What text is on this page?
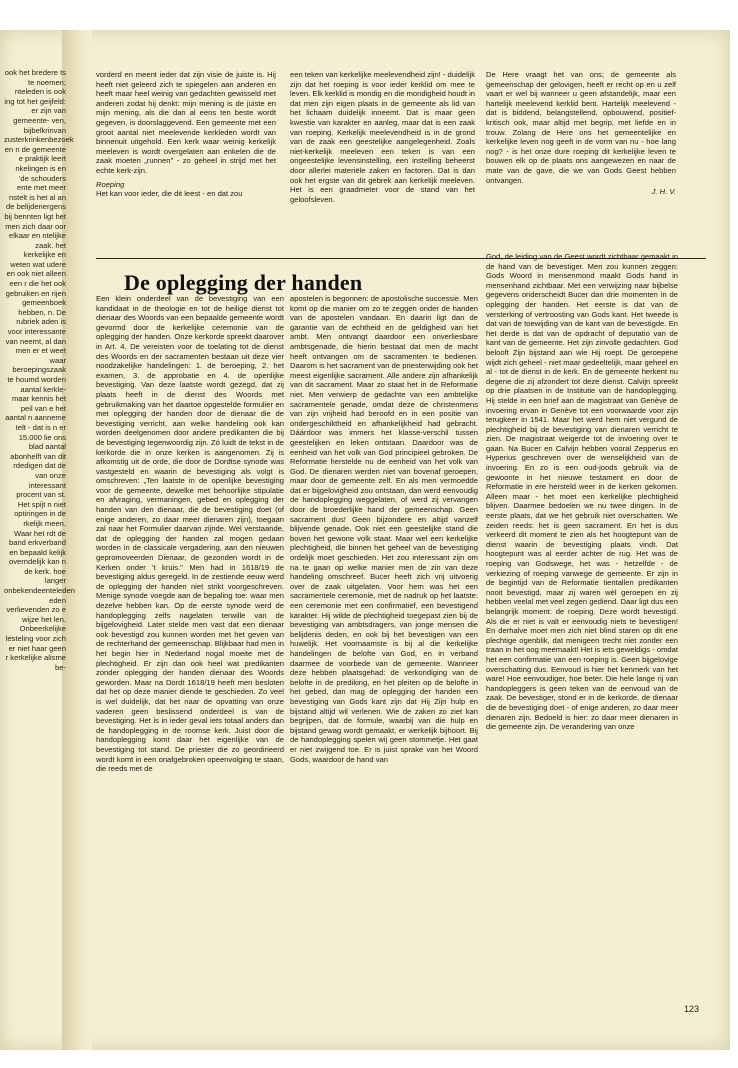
ook het bredere ts te noemen; nteleden is ook ing tot het geijfeld: er zijn van gemeente- ven, bijbelkrinvan zusterkrinkenbezoek en n de gemeente e praktijk leert nkelingen is en 'de schouders ente met meer nstelt is het al an de belijdenergens bij bennten ligt het men zich daar oor elkaar en ntelijke zaak. het kerkelijke en weten wat udere en ook niet alleen een r die het ook gebruiken en rijen gemeenboek hebben, n. De rubriek aden is voor interessante van neemt, al dan men er et weet waar beroepingszaak te houmd worden aantal kerkle- maar kennis het peil van e het aantal n aanneme telt - dat is n er 15.000 lie ons blad aantal abonhelft van dit rdedigen dat de van onze interessant procent van st. Het spijt n niet optiringen in de rkelijk meen. Waar het rdt de band erkverband en bepaald kelijk overndelijk kan n de kerk. hoe langer onbekendeenteleden eden verlievenden zo e wijze het len. Onbeerkelijke lesteling voor zich er niet haar geen r kerkelijke alisme be-

vorderd en meent ieder dat zijn visie de juiste is. Hij heeft niet geleerd zich te spiegelen aan anderen en heeft maar heel weinig van gedachten gewisseld met anderen zodat hij denkt: mijn mening is de juiste en mijn mening, als die dan al eens ten beste wordt gegeven, is doorslaggevend. Een gemeente met een groot aantal niet meelevende kerkleden wordt van binnenuit uitgehold. Een kerk waar weinig kerkelijk meeleven is wordt overgelaten aan enkelen die de zaak moeten „runnen'' - zo geheel in strijd met het echte kerk-zijn.

Roeping

Het kan voor ieder, die dit leest - en dat zou

een teken van kerkelijke meelevendheid zijn! - duidelijk zijn dat het roeping is voor ieder kerklid om mee te leven. Elk kerklid is mondig en die mondigheid houdt in dat men zijn eigen plaats in de gemeente als lid van het lichaam duidelijk inneemt. Dat is maar geen kwestie van karakter en aanleg, maar dat is een zaak van roeping. Kerkelijk meelevendheid is in de grond van de zaak een geestelijke aangelegenheid. Zoals niet-kerkelijk meeleven een teken is van een ongeestelijke levensinstelling, een instelling beheerst door allerlei materiële zaken en factoren. Dat is dan ook het ergste van dit gebrek aan kerkelijk meeleven. Het is een graadmeter voor de stand van het geloofsleven.

De Here vraagt het van ons; de gemeente als gemeenschap der gelovigen, heeft er recht op en u zelf vaart er wel bij wanneer u geen afstandelijk, maar een hartelijk meelevend kerklid bent. Hartelijk meelevend - dat is biddend, belangstellend, opbouwend, positief-kritisch ook, maar altijd met begrip, met liefde en in trouw. Zolang de Here ons het gemeentelijke en kerkelijke leven nog geeft in de vorm van nu - hoe lang nog? - is het onze dure roeping dit kerkelijke leven te bouwen elk op de plaats ons aangewezen en naar de mate van de gave, die we van Gods Geest hebben ontvangen.

J. H. V.

De oplegging der handen

Een klein onderdeel van de bevestiging van een kandidaat in de theologie en tot de heilige dienst tot dienaar des Woords van een bepaalde gemeente wordt gevormd door de kerkelijke ceremonie van de oplegging der handen. Onze kerkorde spreekt daarover in Art. 4. De vereisten voor de toelating tot de dienst des Woords en der sacramenten bestaan uit deze vier noodzakelijke handelingen: 1. de beroeping, 2. het examen, 3. de approbatie en 4. de openlijke bevestiging. Van deze laatste wordt gezegd, dat zij plaats heeft in de dienst des Woords met gebruikmaking van het daartoe opgestelde formulier en met oplegging der handen door de dienaar die de bevestiging verricht, aan welke handeling ook kan worden deelgenomen door andere predikanten die bij de bevestiging tegenwoordig zijn. Zó luidt de tekst in de kerkorde die in onze kerken is aangenomen. Zij is afkomstig uit de orde, die door de Dordtse synode was vastgesteld en waarin de bevestiging als volgt is omschreven: „Ten laatste in de openlijke bevestiging voor de gemeente, dewelke met behoorlijke stipulatie en afvraging, vermaningen, gebed en oplegging der handen van den dienaar, die de bevestiging doet (of enige anderen, zo daar meer dienaren zijn), toegaan zal naar het Formulier daarvan zijnde. Wel verstaande, dat de oplegging der handen zal mogen gedaan worden in de classicale vergadering, aan den nieuwen gepromoveerden Dienaar, de gezonden wordt in de Kerken onder 't kruis.'' Men had in 1618/19 de bevestiging aldus geregeld. In de zestiende eeuw werd de oplegging der handen niet strikt voorgeschreven. Menige synode voegde aan de bepaling toe: waar men dezelve hebben kan. Op de eerste synode werd de handoplegging zelfs nagelaten terwille van de bijgelovigheid. Later stelde men vast dat een dienaar ook bevestigd zou kunnen worden met het geven van de rechterhand der gemeenschap. Blijkbaar had men in het begin hier in Nederland nogal moeite met de plechtigheid. Er zijn dan ook heel wat predikanten zonder oplegging der handen dienaar des Woords geworden. Maar na Dordt 1618/19 heeft men besloten dat het op deze manier diende te geschieden. Zo veel is wel duidelijk, dat het naar de opvatting van onze vaderen geen beslissend onderdeel is van de bevestiging. Het is in ieder geval iets totaal anders dan de handoplegging in de roomse kerk. Juist door die handoplegging komt daar het eigenlijke van de bevestiging tot stand. De priester die zo geordineerd wordt komt in een onafgebroken opeenvolging te staan, die reeds met de

apostelen is begonnen: de apostolische successie. Men komt op die manier om zo te zeggen onder de handen van de apostelen vandaan. En daarin ligt dan de garantie van de echtheid en de geldigheid van het ambt. Men ontvangt daardoor een onverliesbare ambtsgenade, die hierin bestaat dat men de macht heeft ontvangen om de sacramenten te bedienen. Daarom is het sacrament van de priesterwijding ook het meest eigenlijke sacrament. Alle andere zijn afhankelijk van dit sacrament. Maar zo staat het in de Reformatie niet. Men verwierp de gedachte van een ambtelijke sacramentele genade, omdat deze de christenmens van zijn vrijheid had beroofd en in een positie van ondergeschiktheid en afhankelijkheid had gebracht. Dáárdoor was immers het klasse-verschil tussen geestelijken en leken ontstaan. Daardoor was de eenheid van het volk van God principieel gebroken. De Reformatie herstelde nu de eenheid van het volk van God. De dienaren werden niet van bovenaf geroepen, maar door de gemeente zelf. En als men vermoedde dat er bijgelovigheid zou ontstaan, dan werd eenvoudig de handoplegging weggelaten, of werd zij vervangen door de broederlijke hand der gemeenschap. Geen sacrament dus! Geen bijzondere en altijd vanzelf blijvende genade. Ook niet een geestelijke stand die boven het gewone volk staat. Maar wel een kerkelijke plechtigheid, die binnen het geheel van de bevestiging ordelijk moet geschieden. Het zou interessant zijn om na te gaan op welke manier men de zin van deze handeling omschreef. Bucer heeft zich vrij uitvoerig over de zaak uitgelaten. Voor hem was het een sacramentele ceremonie, met de nadruk op het laatste: een ceremonie met een confirmatief, een bevestigend karakter. Hij wilde de plechtigheid toegepast zien bij de bevestiging van ambtsdragers, van jonge mensen die belijdenis deden, en ook bij het bevestigen van een huwelijk. Het voornaamste is bij al die kerkelijke handelingen de belofte van God, en in verband daarmee de voorbede van de gemeente. Wanneer deze hebben plaatsgehad: de verkondiging van de belofte in de prediking, en het pleiten op de belofte in het gebed, dan mag de oplegging der handen een bevestiging van Gods kant zijn dat Hij Zijn hulp en bijstand altijd wil verlenen. Wie de zaken zo ziet kan begrijpen, dat de formule, waarbij van die hulp en bijstand gewag wordt gemaakt, er werkelijk bijhoort. Bij de handoplegging spelen wij geen stommetje. Het gaat er niet zwijgend toe. Er is juist sprake van het Woord Gods, waardoor de hand van

God, de leiding van de Geest wordt zichtbaar gemaakt in de hand van de bevestiger. Men zou kunnen zeggen: Gods Woord in mensenmond maakt Gods hand in mensenhand zichtbaar. Met een verwijzing naar bijbelse gegevens onderscheidt Bucer dan drie momenten in de oplegging der handen. Het eerste is dat van de versterking of vertroosting van Gods kant. Het tweede is dat van de toewijding van de kant van de bevestigde. En het derde is dat van de opdracht of deputatio van de kant van de gemeente. Het zijn zinvolle gedachten. God belooft Zijn bijstand aan wie Hij roept. De geroepene wijdt zich geheel - niet maar gedeeltelijk, maar geheel en al - tot de dienst in de kerk. En de gemeente herkent nu degene die zij afzondert tot deze dienst. Calvijn spreekt op drie plaatsen in de Institutie van de handoplegging. Hij stelde in een brief aan de magistraat van Genève de invoering ervan in Genève tot een voorwaarde voor zijn terugkeer in 1541. Maar het werd hem niet vergund de plechtigheid bij de bevestiging van dienaren verricht te zien. De magistraat weigerde tot de invoering over te gaan. Na Bucer en Calvijn hebben vooral Zepperus en Hyperius geschreven over de wenselijkheid van de invoering. En zo is een oud-joods gebruik via de gewoonte in het nieuwe testament en door de Reformatie in ere hersteld weer in de kerken gekomen. Alleen maar - het moet een kerkelijke plechtigheid blijven. Daarmee bedoelen we nu twee dingen. In de eerste plaats, dat we het gebruik niet overschatten. We zeiden reeds: het is geen sacrament. En het is dus verkeerd dit moment te zien als het hoogtepunt van de dienst waarin de bevestiging plaats vindt. Dat hoogtepunt was al eerder achter de rug. Het was de roeping van Godswege, het was - hetzelfde - de verkiezing of roeping vanwege de gemeente. Er zijn in de begintijd van de Reformatie tientallen predikanten nooit bevestigd, maar zij waren wèl geroepen en zij hebben veelal met veel zegen gediend. Daar ligt dus een belangrijk moment: de roeping. Deze wordt bevestigd. Als die er niet is valt er eenvoudig niets te bevestigen! En derhalve moet men zich niet blind staren op dit ene plechtige ogenblik, dat menigeen trecht niet zonder een traan in het oog meemaakt! Het is iets geweldigs - omdat het een confirmatie van een roeping is. Geen bijgelovige overschatting dus. Eenvoud is hier het kenmerk van het ware! Hoe eenvoudiger, hoe beter. Die hele lange rij van handopleggers is geen teken van de eenvoud van de zaak. De bevestiger, stond er in de kerkorde, de dienaar die de bevestiging doet - of enige anderen, zo daar meer dienaren zijn. Bedoeld is hier: zo daar meer dienaren in die gemeente zijn. De verandering van onze

123
